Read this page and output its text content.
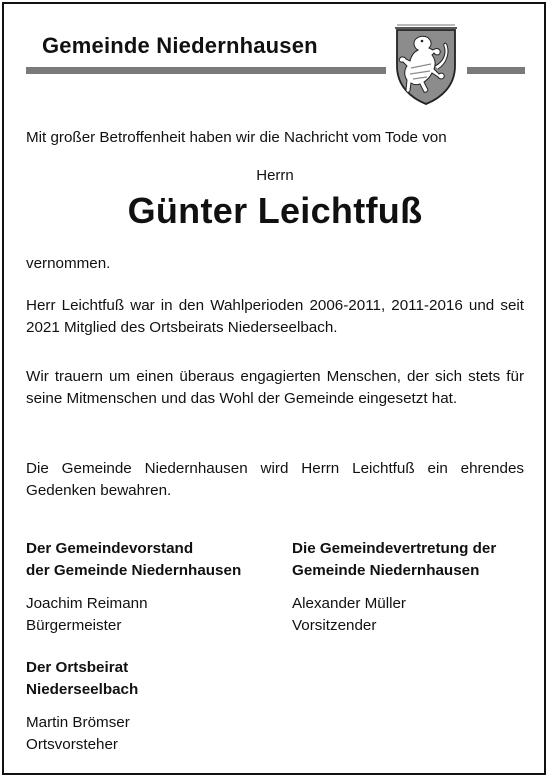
Gemeinde Niedernhausen
Mit großer Betroffenheit haben wir die Nachricht vom Tode von
Herrn
Günter Leichtfuß
vernommen.
Herr Leichtfuß war in den Wahlperioden 2006-2011, 2011-2016 und seit 2021 Mitglied des Ortsbeirats Niederseelbach.
Wir trauern um einen überaus engagierten Menschen, der sich stets für seine Mitmenschen und das Wohl der Gemeinde eingesetzt hat.
Die Gemeinde Niedernhausen wird Herrn Leichtfuß ein ehrendes Gedenken bewahren.
Der Gemeindevorstand
der Gemeinde Niedernhausen
Joachim Reimann
Bürgermeister
Die Gemeindevertretung der
Gemeinde Niedernhausen
Alexander Müller
Vorsitzender
Der Ortsbeirat
Niederseelbach
Martin Brömser
Ortsvorsteher
